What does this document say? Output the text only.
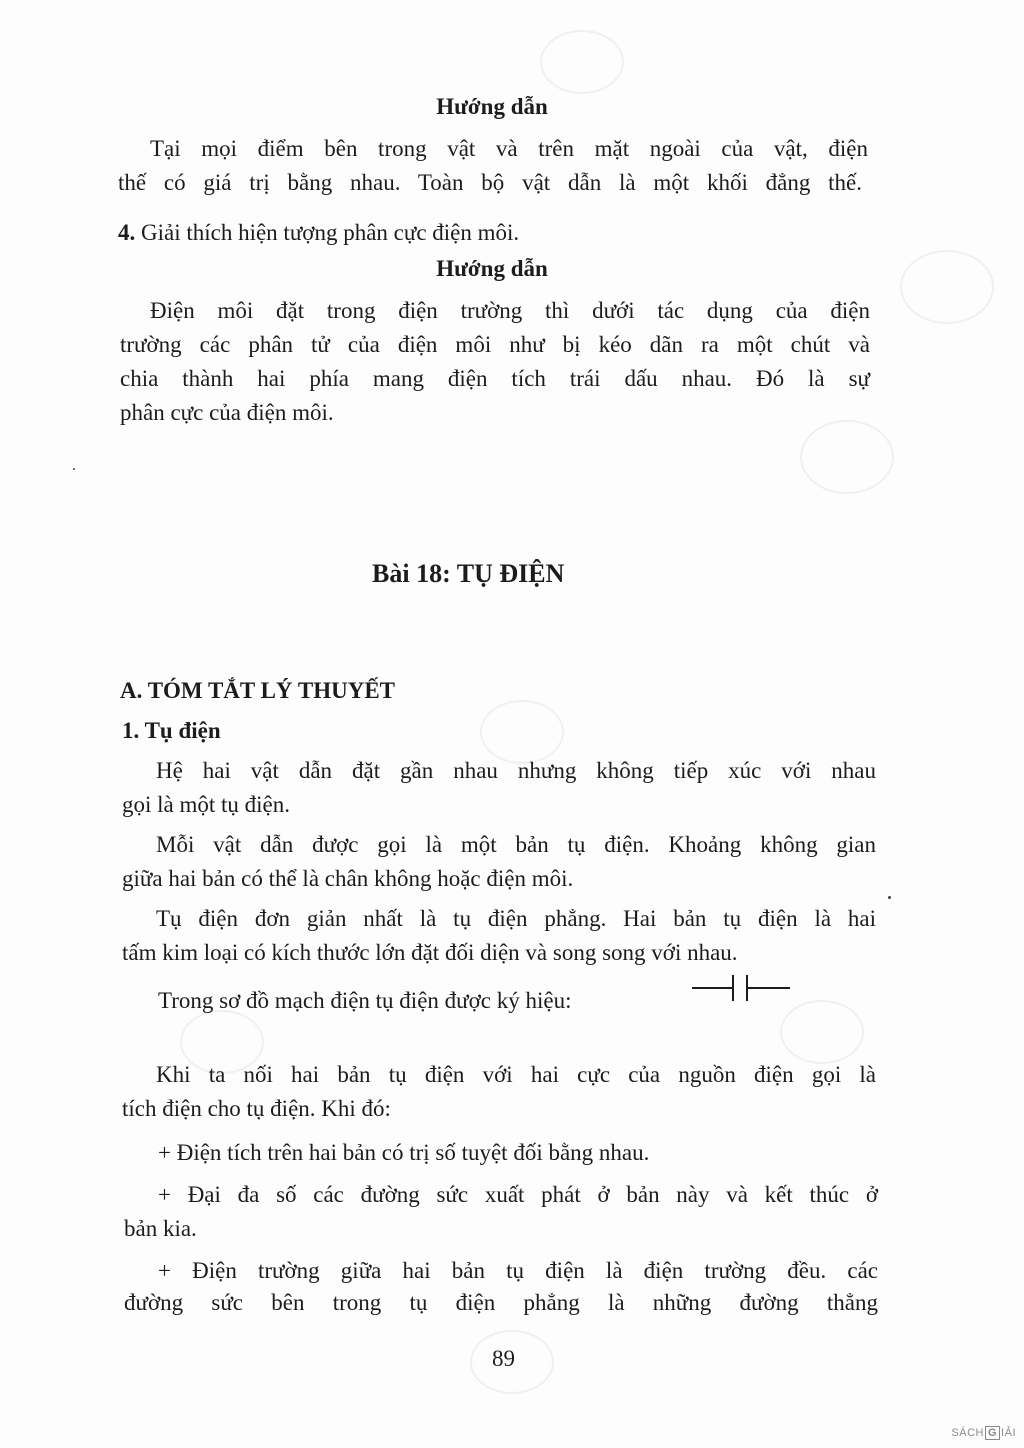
Hướng dẫn
Tại mọi điểm bên trong vật và trên mặt ngoài của vật, điện
thế có giá trị bằng nhau. Toàn bộ vật dẫn là một khối đẳng thế.
4. Giải thích hiện tượng phân cực điện môi.
Hướng dẫn
Điện môi đặt trong điện trường thì dưới tác dụng của điện
trường các phân tử của điện môi như bị kéo dãn ra một chút và
chia thành hai phía mang điện tích trái dấu nhau. Đó là sự
phân cực của điện môi.
Bài 18: TỤ ĐIỆN
A. TÓM TẮT LÝ THUYẾT
1. Tụ điện
Hệ hai vật dẫn đặt gần nhau nhưng không tiếp xúc với nhau
gọi là một tụ điện.
Mỗi vật dẫn được gọi là một bản tụ điện. Khoảng không gian
giữa hai bản có thể là chân không hoặc điện môi.
Tụ điện đơn giản nhất là tụ điện phẳng. Hai bản tụ điện là hai
tấm kim loại có kích thước lớn đặt đối diện và song song với nhau.
Trong sơ đồ mạch điện tụ điện được ký hiệu:
Khi ta nối hai bản tụ điện với hai cực của nguồn điện gọi là
tích điện cho tụ điện. Khi đó:
+ Điện tích trên hai bản có trị số tuyệt đối bằng nhau.
+ Đại đa số các đường sức xuất phát ở bản này và kết thúc ở
bản kia.
+ Điện trường giữa hai bản tụ điện là điện trường đều. các
đường sức bên trong tụ điện phẳng là những đường thẳng
89
SÁCH G IẢI
